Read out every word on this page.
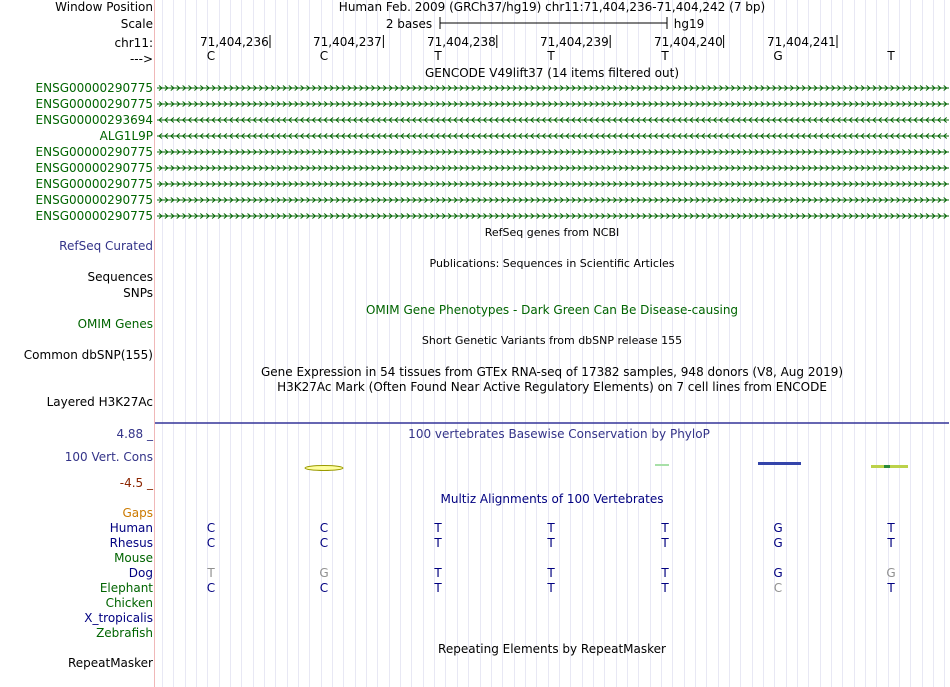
Window Position	Human Feb. 2009 (GRCh37/hg19) chr11:71,404,236-71,404,242 (7 bp)
Scale	2 bases	hg19
chr11:
--->
71,404,236	71,404,237	71,404,238	71,404,239	71,404,240	71,404,241
C	C	T	T	T	G	T
GENCODE V49lift37 (14 items filtered out)
ENSG00000290775
ENSG00000290775
ENSG00000293694
ALG1L9P
ENSG00000290775
ENSG00000290775
ENSG00000290775
ENSG00000290775
ENSG00000290775
RefSeq genes from NCBI
RefSeq Curated
Publications: Sequences in Scientific Articles
Sequences
SNPs
OMIM Gene Phenotypes - Dark Green Can Be Disease-causing
OMIM Genes
Short Genetic Variants from dbSNP release 155
Common dbSNP(155)
Gene Expression in 54 tissues from GTEx RNA-seq of 17382 samples, 948 donors (V8, Aug 2019)
H3K27Ac Mark (Often Found Near Active Regulatory Elements) on 7 cell lines from ENCODE
Layered H3K27Ac
100 vertebrates Basewise Conservation by PhyloP
4.88 _
100 Vert. Cons
-4.5 _
Multiz Alignments of 100 Vertebrates
Gaps
Human	C	C	T	T	T	G	T
Rhesus	C	C	T	T	T	G	T
Mouse
Dog	T	G	T	T	T	G	G
Elephant	C	C	T	T	T	C	T
Chicken
X_tropicalis
Zebrafish
Repeating Elements by RepeatMasker
RepeatMasker
